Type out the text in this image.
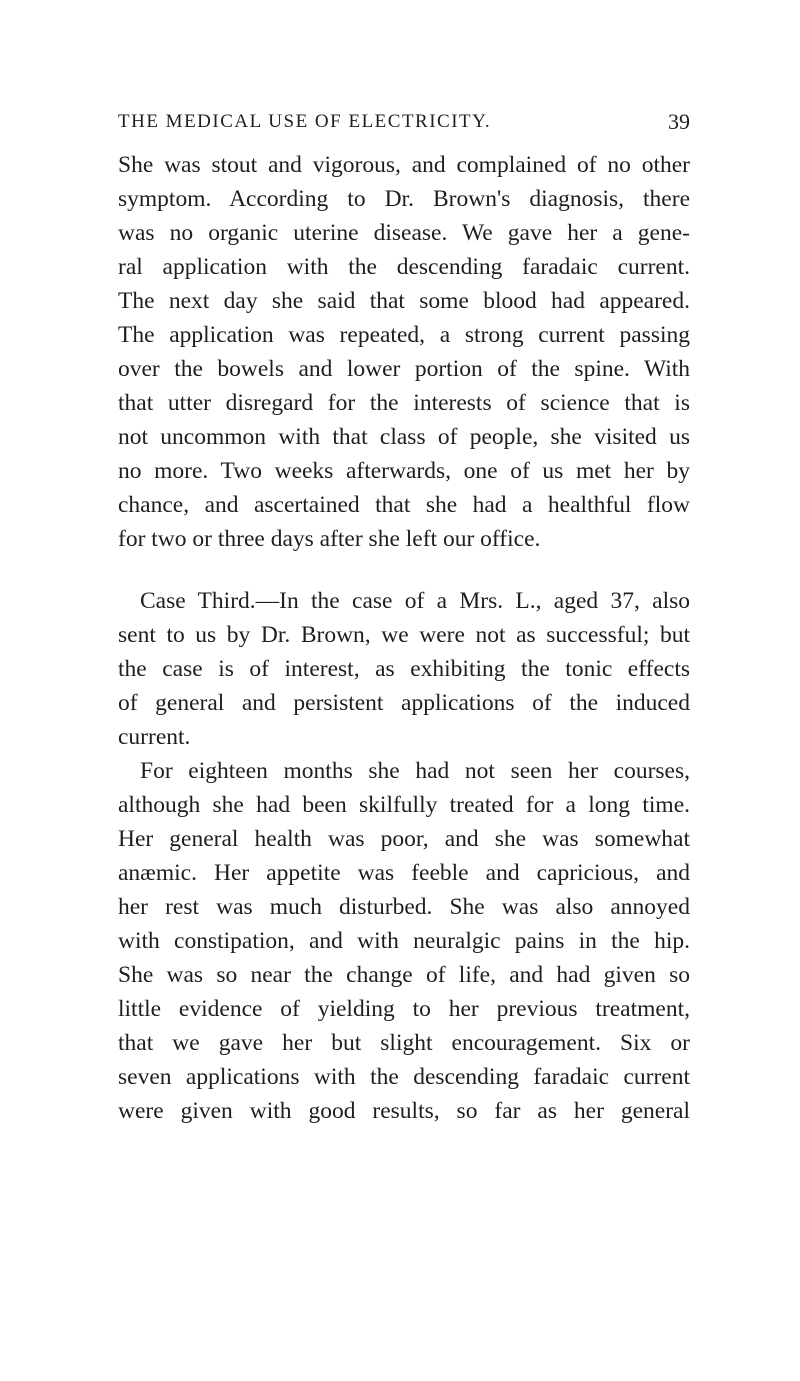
THE MEDICAL USE OF ELECTRICITY.	39
She was stout and vigorous, and complained of no other
symptom. According to Dr. Brown's diagnosis, there
was no organic uterine disease. We gave her a gene-
ral application with the descending faradaic current.
The next day she said that some blood had appeared.
The application was repeated, a strong current passing
over the bowels and lower portion of the spine. With
that utter disregard for the interests of science that is
not uncommon with that class of people, she visited us
no more. Two weeks afterwards, one of us met her by
chance, and ascertained that she had a healthful flow
for two or three days after she left our office.
Case Third.—In the case of a Mrs. L., aged 37, also
sent to us by Dr. Brown, we were not as successful; but
the case is of interest, as exhibiting the tonic effects
of general and persistent applications of the induced
current.
For eighteen months she had not seen her courses,
although she had been skilfully treated for a long time.
Her general health was poor, and she was somewhat
anæmic. Her appetite was feeble and capricious, and
her rest was much disturbed. She was also annoyed
with constipation, and with neuralgic pains in the hip.
She was so near the change of life, and had given so
little evidence of yielding to her previous treatment,
that we gave her but slight encouragement. Six or
seven applications with the descending faradaic current
were given with good results, so far as her general
